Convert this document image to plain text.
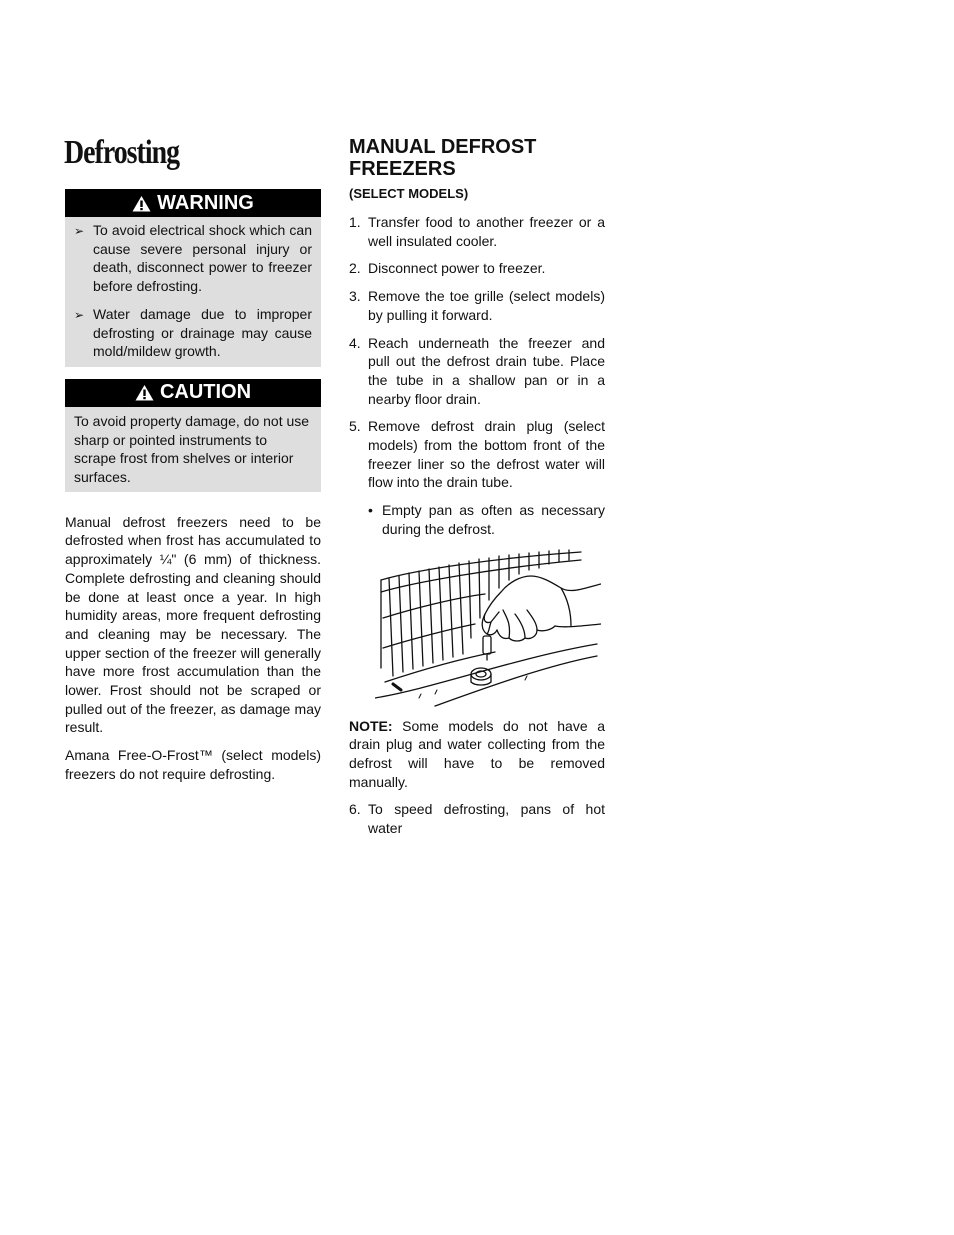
Defrosting
WARNING
➢ To avoid electrical shock which can cause severe personal injury or death, disconnect power to freezer before defrosting.
➢ Water damage due to improper defrosting or drainage may cause mold/mildew growth.
CAUTION
To avoid property damage, do not use sharp or pointed instruments to scrape frost from shelves or interior surfaces.

Manual defrost freezers need to be defrosted when frost has accumulated to approximately ¼" (6 mm) of thickness. Complete defrosting and cleaning should be done at least once a year. In high humidity areas, more frequent defrosting and cleaning may be necessary. The upper section of the freezer will generally have more frost accumulation than the lower. Frost should not be scraped or pulled out of the freezer, as damage may result.

Amana Free-O-Frost™ (select models) freezers do not require defrosting.

MANUAL DEFROST FREEZERS
(SELECT MODELS)
1. Transfer food to another freezer or a well insulated cooler.
2. Disconnect power to freezer.
3. Remove the toe grille (select models) by pulling it forward.
4. Reach underneath the freezer and pull out the defrost drain tube. Place the tube in a shallow pan or in a nearby floor drain.
5. Remove defrost drain plug (select models) from the bottom front of the freezer liner so the defrost water will flow into the drain tube.
• Empty pan as often as necessary during the defrost.

NOTE: Some models do not have a drain plug and water collecting from the defrost will have to be removed manually.

6. To speed defrosting, pans of hot water
